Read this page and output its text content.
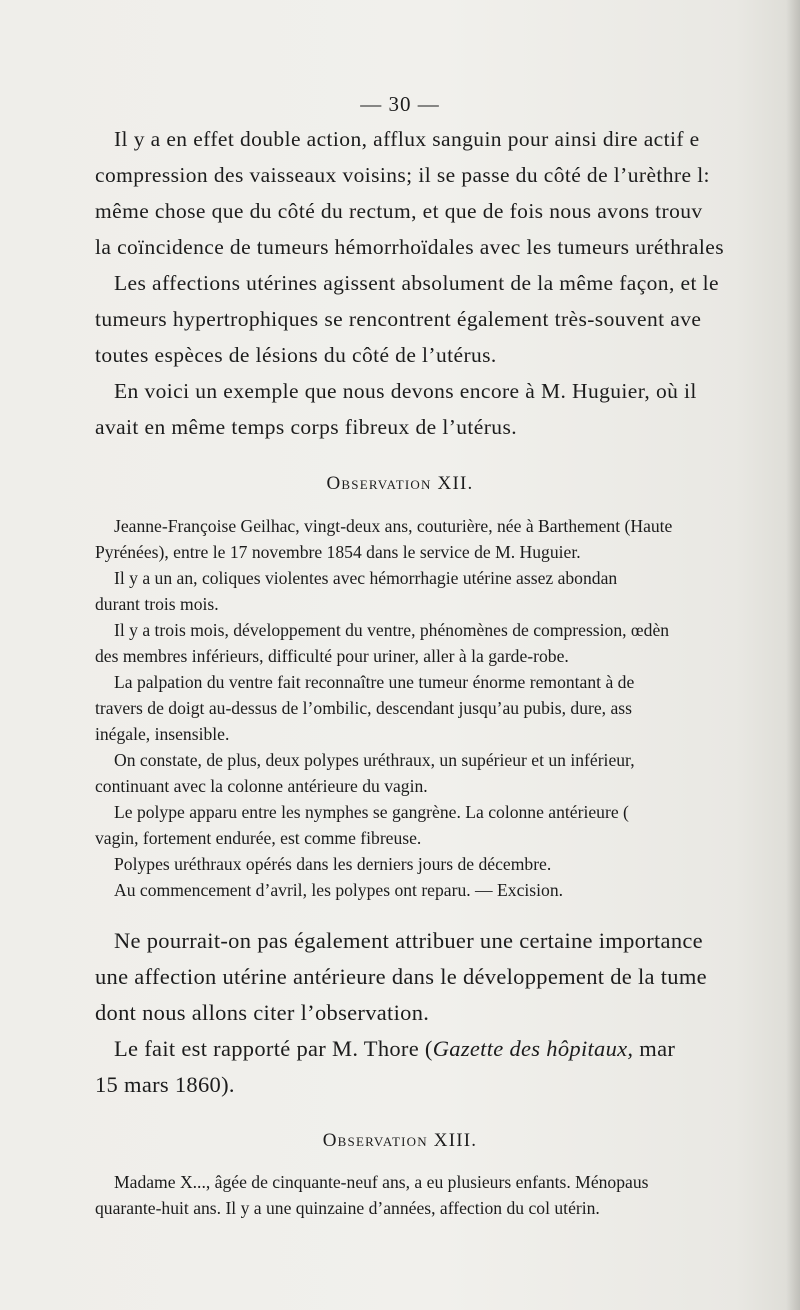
— 30 —
Il y a en effet double action, afflux sanguin pour ainsi dire actif e
compression des vaisseaux voisins; il se passe du côté de l’urèthre l:
même chose que du côté du rectum, et que de fois nous avons trouv
la coïncidence de tumeurs hémorrhoïdales avec les tumeurs uréthrales
Les affections utérines agissent absolument de la même façon, et le
tumeurs hypertrophiques se rencontrent également très-souvent ave
toutes espèces de lésions du côté de l’utérus.
En voici un exemple que nous devons encore à M. Huguier, où il
avait en même temps corps fibreux de l’utérus.
Observation XII.
Jeanne-Françoise Geilhac, vingt-deux ans, couturière, née à Barthement (Haute
Pyrénées), entre le 17 novembre 1854 dans le service de M. Huguier.
Il y a un an, coliques violentes avec hémorrhagie utérine assez abondan
durant trois mois.
Il y a trois mois, développement du ventre, phénomènes de compression, œdèn
des membres inférieurs, difficulté pour uriner, aller à la garde-robe.
La palpation du ventre fait reconnaître une tumeur énorme remontant à de
travers de doigt au-dessus de l’ombilic, descendant jusqu’au pubis, dure, ass
inégale, insensible.
On constate, de plus, deux polypes uréthraux, un supérieur et un inférieur,
continuant avec la colonne antérieure du vagin.
Le polype apparu entre les nymphes se gangrène. La colonne antérieure (
vagin, fortement endurée, est comme fibreuse.
Polypes uréthraux opérés dans les derniers jours de décembre.
Au commencement d’avril, les polypes ont reparu. — Excision.
Ne pourrait-on pas également attribuer une certaine importance
une affection utérine antérieure dans le développement de la tume
dont nous allons citer l’observation.
Le fait est rapporté par M. Thore (Gazette des hôpitaux, mar
15 mars 1860).
Observation XIII.
Madame X..., âgée de cinquante-neuf ans, a eu plusieurs enfants. Ménopaus
quarante-huit ans. Il y a une quinzaine d’années, affection du col utérin.
